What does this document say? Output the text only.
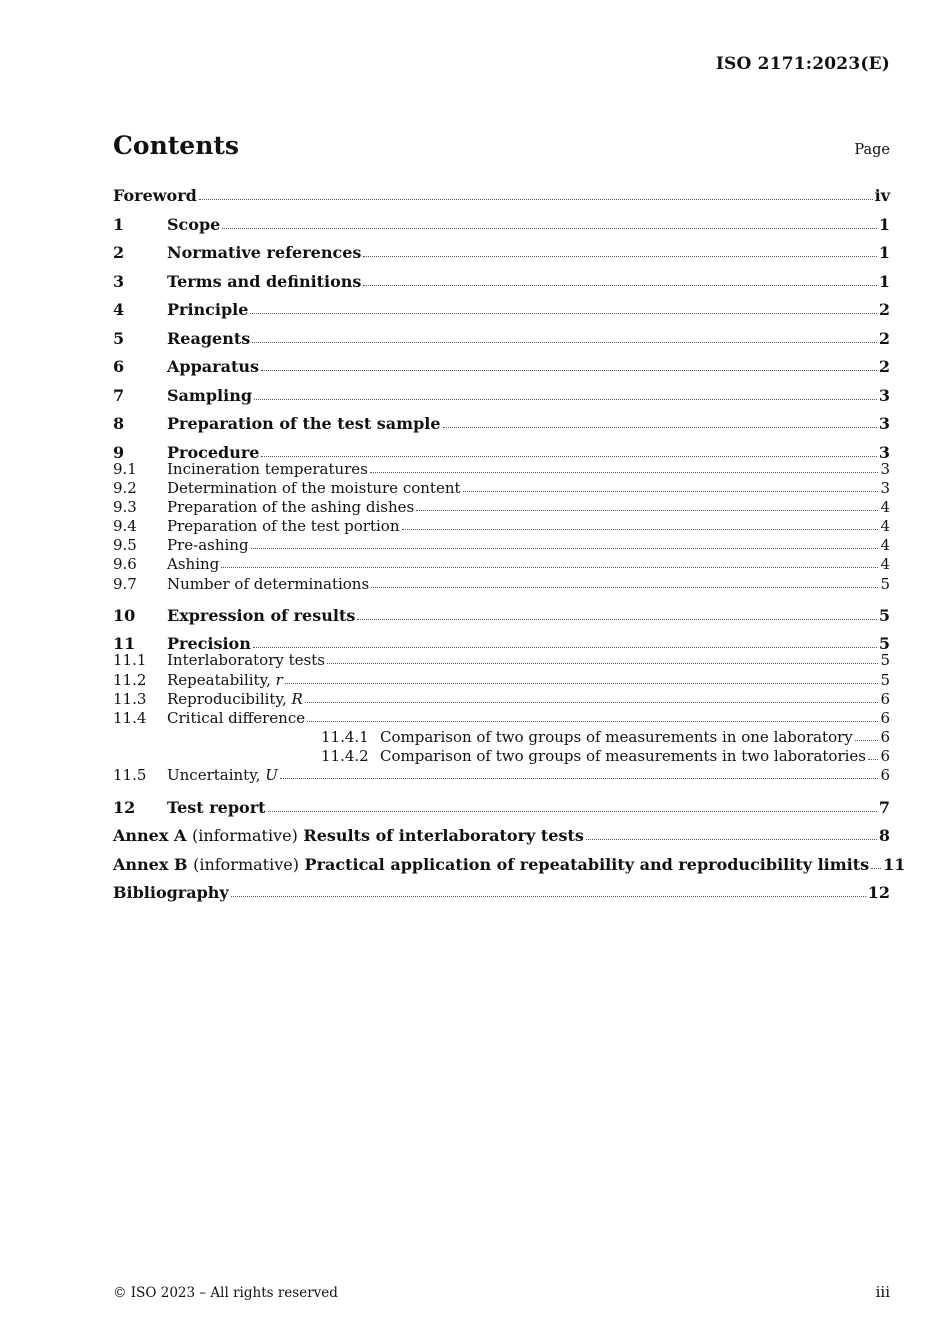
ISO 2171:2023(E)
Contents	Page
Foreword	iv
1	Scope	1
2	Normative references	1
3	Terms and definitions	1
4	Principle	2
5	Reagents	2
6	Apparatus	2
7	Sampling	3
8	Preparation of the test sample	3
9	Procedure	3
9.1	Incineration temperatures	3
9.2	Determination of the moisture content	3
9.3	Preparation of the ashing dishes	4
9.4	Preparation of the test portion	4
9.5	Pre-ashing	4
9.6	Ashing	4
9.7	Number of determinations	5
10	Expression of results	5
11	Precision	5
11.1	Interlaboratory tests	5
11.2	Repeatability, r	5
11.3	Reproducibility, R	6
11.4	Critical difference	6
11.4.1 Comparison of two groups of measurements in one laboratory 6
11.4.2 Comparison of two groups of measurements in two laboratories 6
11.5	Uncertainty, U	6
12	Test report	7
Annex A (informative) Results of interlaboratory tests	8
Annex B (informative) Practical application of repeatability and reproducibility limits 11
Bibliography	12
© ISO 2023 – All rights reserved	iii
